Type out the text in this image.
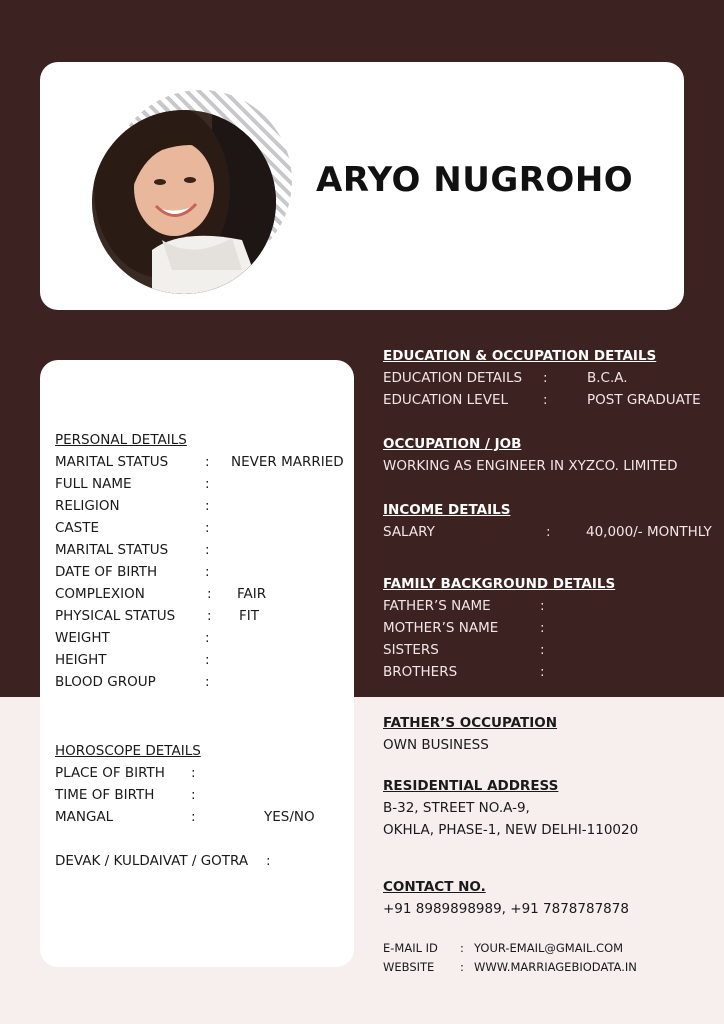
ARYO NUGROHO

PERSONAL DETAILS

MARITAL STATUS	: NEVER MARRIED

FULL NAME	:

RELIGION	:

CASTE	:

MARITAL STATUS	:

DATE OF BIRTH	:

COMPLEXION	: FAIR

PHYSICAL STATUS : FIT

WEIGHT	:

HEIGHT	:

BLOOD GROUP	:

HOROSCOPE DETAILS

PLACE OF BIRTH :

TIME OF BIRTH	:

MANGAL	:	YES/NO

DEVAK / KULDAIVAT / GOTRA :

EDUCATION & OCCUPATION DETAILS

EDUCATION DETAILS :	B.C.A.

EDUCATION LEVEL	:	POST GRADUATE

OCCUPATION / JOB

WORKING AS ENGINEER IN XYZCO. LIMITED

INCOME DETAILS

SALARY	:	40,000/- MONTHLY

FAMILY BACKGROUND DETAILS

FATHER’S NAME	:

MOTHER’S NAME	:

SISTERS	:

BROTHERS	:

FATHER’S OCCUPATION

OWN BUSINESS

RESIDENTIAL ADDRESS

B-32, STREET NO.A-9,

OKHLA, PHASE-1, NEW DELHI-110020

CONTACT NO.

+91 8989898989, +91 7878787878

E-MAIL ID : YOUR-EMAIL@GMAIL.COM

WEBSITE : WWW.MARRIAGEBIODATA.IN
